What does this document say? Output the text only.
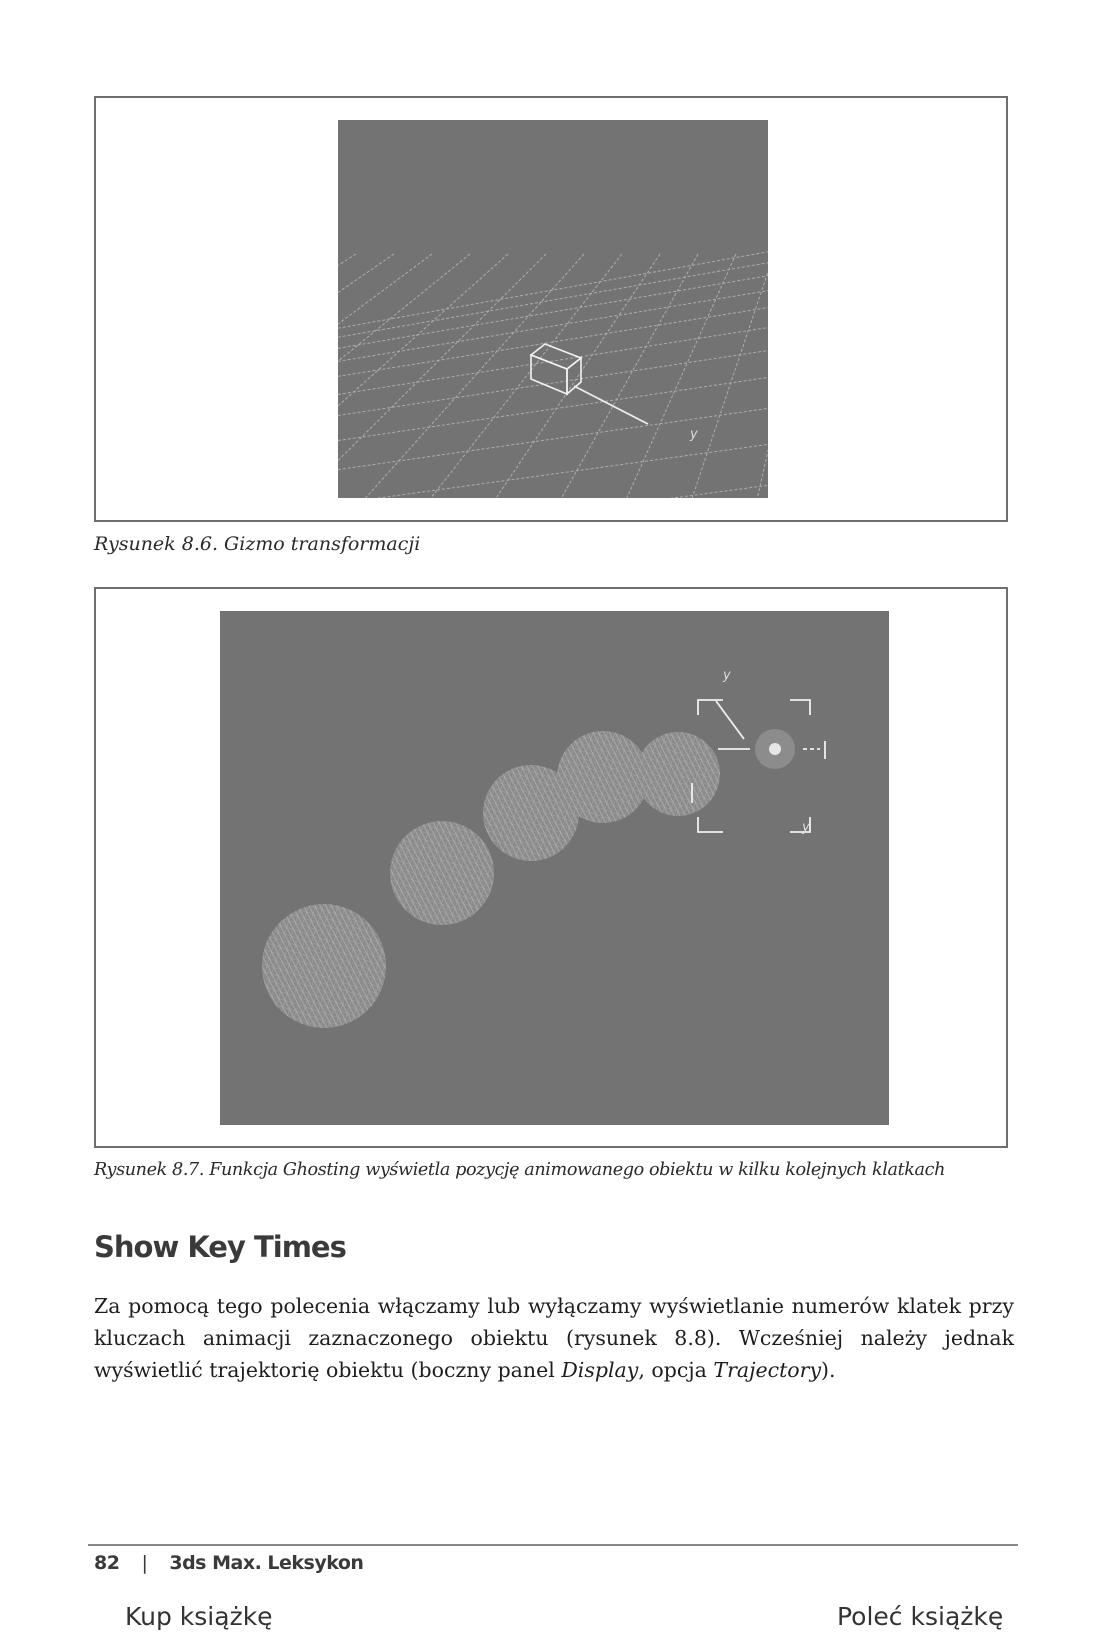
y
Rysunek 8.6. Gizmo transformacji
y
y
Rysunek 8.7. Funkcja Ghosting wyświetla pozycję animowanego obiektu w kilku kolejnych klatkach
Show Key Times

Za pomocą tego polecenia włączamy lub wyłączamy wyświetlanie numerów klatek przy kluczach animacji zaznaczonego obiektu (rysunek 8.8). Wcześniej należy jednak wyświetlić trajektorię obiektu (boczny panel Display, opcja Trajectory).

82 | 3ds Max. Leksykon
Kup książkę	Poleć książkę
